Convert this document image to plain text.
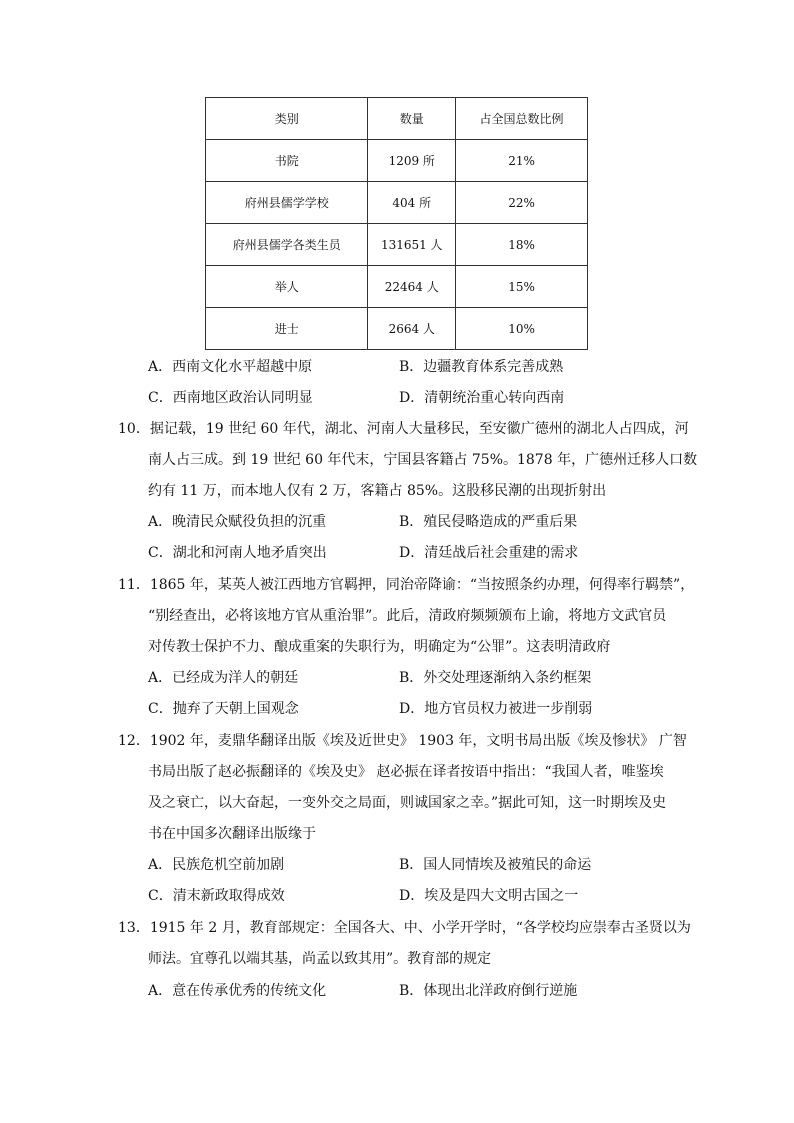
类别	数量	占全国总数比例
书院	1209 所	21%
府州县儒学学校	404 所	22%
府州县儒学各类生员	131651 人	18%
举人	22464 人	15%
进士	2664 人	10%
A．西南文化水平超越中原	B．边疆教育体系完善成熟
C．西南地区政治认同明显	D．清朝统治重心转向西南
10．据记载，19 世纪 60 年代，湖北、河南人大量移民，至安徽广德州的湖北人占四成，河
南人占三成。到 19 世纪 60 年代末，宁国县客籍占 75%。1878 年，广德州迁移人口数
约有 11 万，而本地人仅有 2 万，客籍占 85%。这股移民潮的出现折射出
A．晚清民众赋役负担的沉重	B．殖民侵略造成的严重后果
C．湖北和河南人地矛盾突出	D．清廷战后社会重建的需求
11．1865 年，某英人被江西地方官羁押，同治帝降谕：“当按照条约办理，何得率行羁禁”，
“别经查出，必将该地方官从重治罪”。此后，清政府频频颁布上谕，将地方文武官员
对传教士保护不力、酿成重案的失职行为，明确定为“公罪”。这表明清政府
A．已经成为洋人的朝廷	B．外交处理逐渐纳入条约框架
C．抛弃了天朝上国观念	D．地方官员权力被进一步削弱
12．1902 年，麦鼎华翻译出版《埃及近世史》 1903 年，文明书局出版《埃及惨状》 广智
书局出版了赵必振翻译的《埃及史》 赵必振在译者按语中指出：“我国人者，唯鉴埃
及之衰亡，以大奋起，一变外交之局面，则诚国家之幸。”据此可知，这一时期埃及史
书在中国多次翻译出版缘于
A．民族危机空前加剧	B．国人同情埃及被殖民的命运
C．清末新政取得成效	D．埃及是四大文明古国之一
13．1915 年 2 月，教育部规定：全国各大、中、小学开学时，“各学校均应崇奉古圣贤以为
师法。宜尊孔以端其基，尚孟以致其用”。教育部的规定
A．意在传承优秀的传统文化	B．体现出北洋政府倒行逆施
